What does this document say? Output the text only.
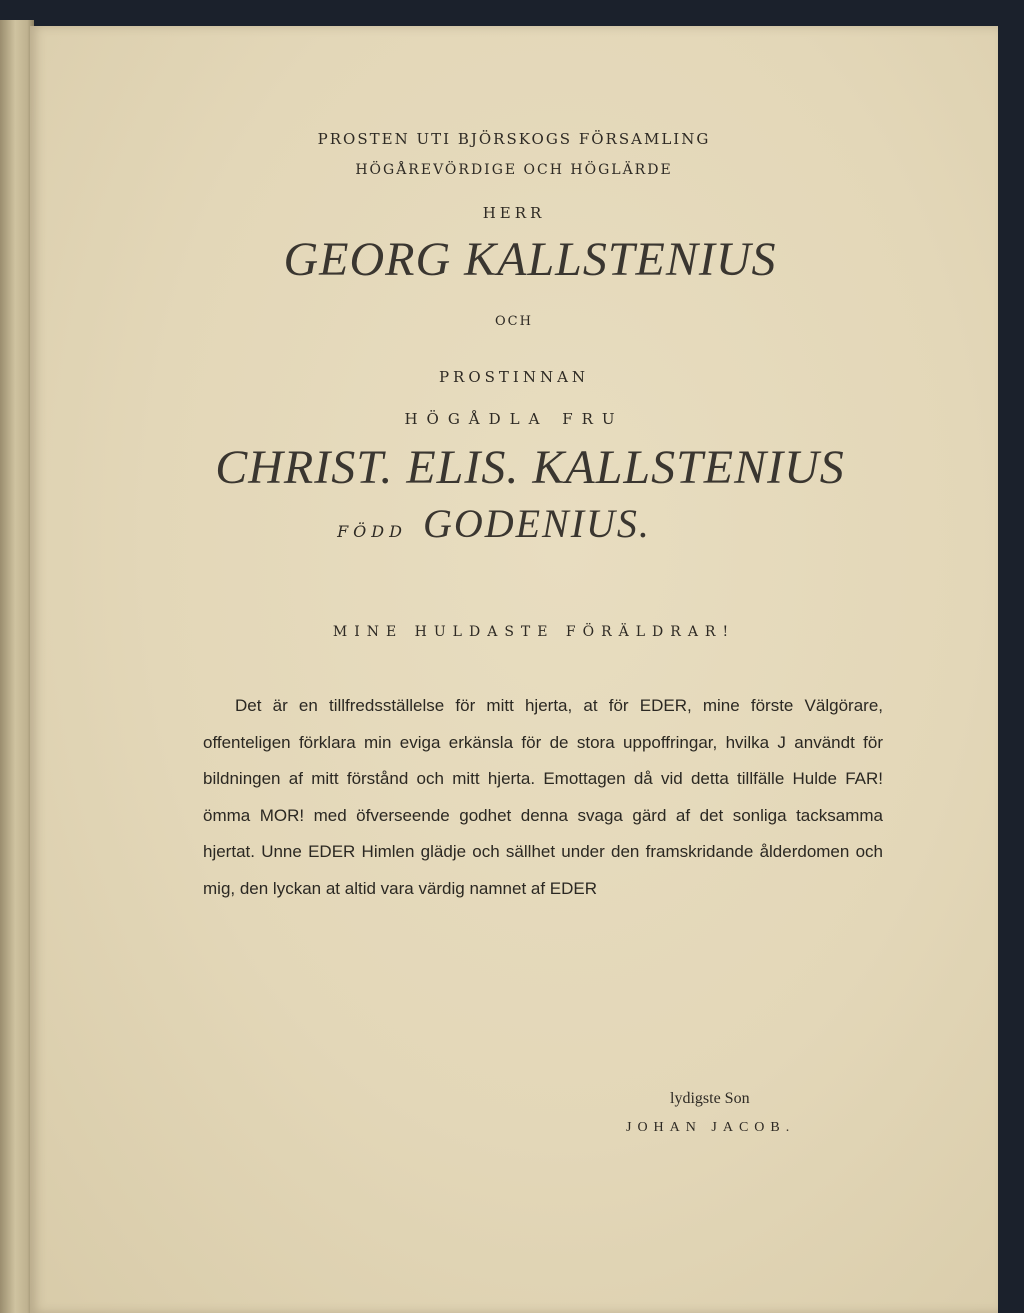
PROSTEN UTI BJÖRSKOGS FÖRSAMLING
HÖGÅREVÖRDIGE OCH HÖGLÄRDE
HERR
GEORG KALLSTENIUS
OCH
PROSTINNAN
HÖGÅDLA FRU
CHRIST. ELIS. KALLSTENIUS
FÖDD GODENIUS.
MINE HULDASTE FÖRÄLDRAR!
Det är en tillfredsställelse för mitt hjerta, at för EDER, mine förste Välgörare, offenteligen förklara min eviga erkänsla för de stora uppoffringar, hvilka J användt för bildningen af mitt förstånd och mitt hjerta. Emottagen då vid detta tillfälle Hulde FAR! ömma MOR! med öfverseende godhet denna svaga gärd af det sonliga tacksamma hjertat. Unne EDER Himlen glädje och sällhet under den framskridande ålderdomen och mig, den lyckan at altid vara värdig namnet af EDER
lydigste Son
JOHAN JACOB.
